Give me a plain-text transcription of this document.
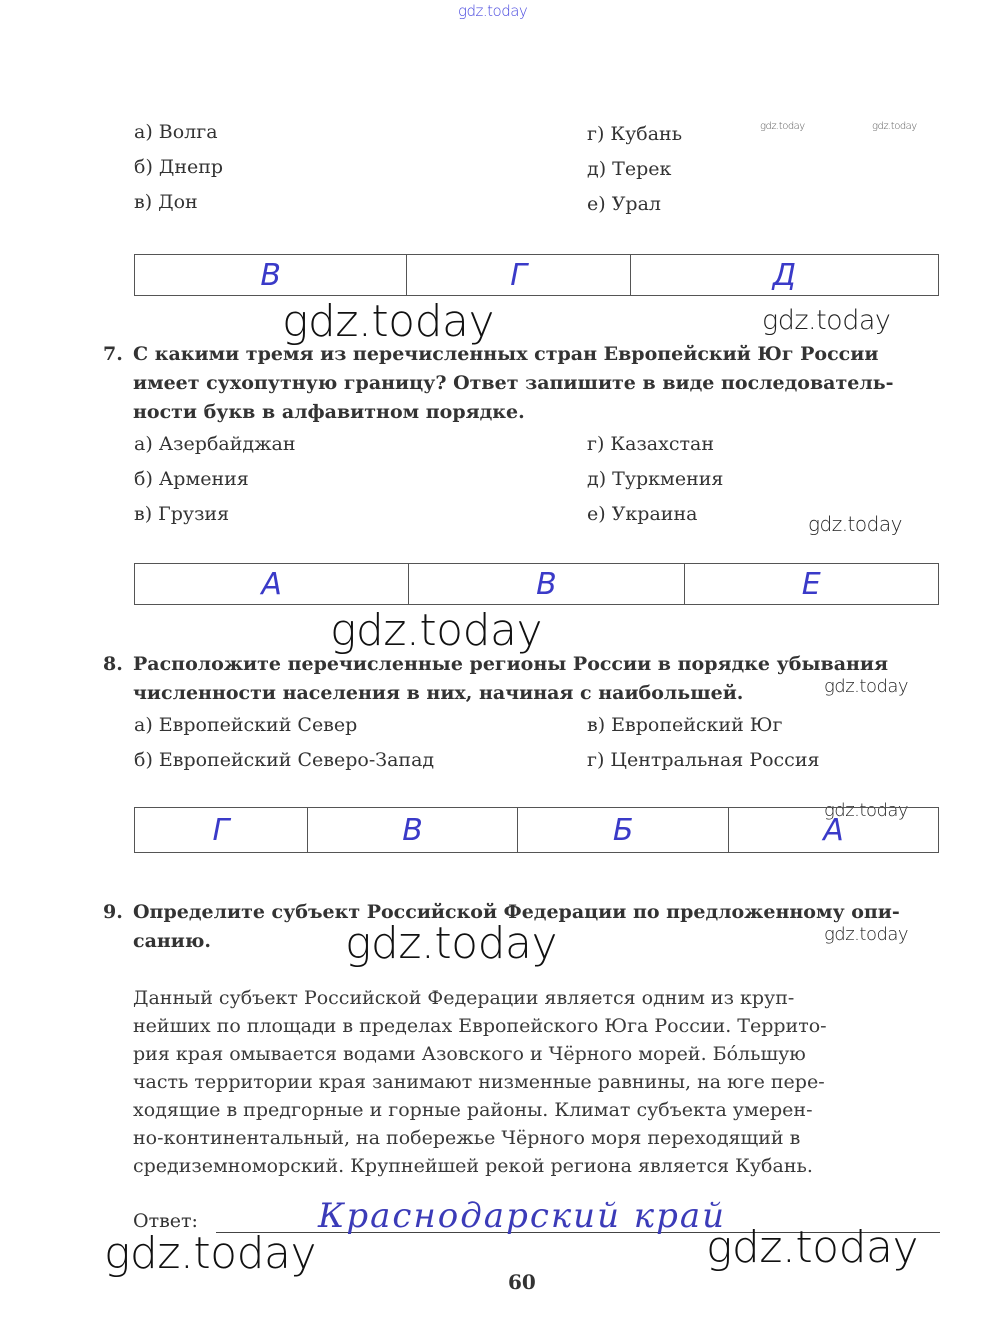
gdz.today
gdz.today	gdz.today
gdz.today	gdz.today
gdz.today
gdz.today
gdz.today
gdz.today
gdz.today	gdz.today
а) Волга
б) Днепр
в) Дон
г) Кубань
д) Терек
е) Урал
В	Г	Д
7. С какими тремя из перечисленных стран Европейский Юг России
имеет сухопутную границу? Ответ запишите в виде последователь-
ности букв в алфавитном порядке.
а) Азербайджан
б) Армения
в) Грузия
г) Казахстан
д) Туркмения
е) Украина
А	В	Е
8. Расположите перечисленные регионы России в порядке убывания
численности населения в них, начиная с наибольшей.
а) Европейский Север
б) Европейский Северо-Запад
в) Европейский Юг
г) Центральная Россия
Г	В	Б	А
9. Определите субъект Российской Федерации по предложенному опи-
санию.
Данный субъект Российской Федерации является одним из круп-
нейших по площади в пределах Европейского Юга России. Террито-
рия края омывается водами Азовского и Чёрного морей. Бóльшую
часть территории края занимают низменные равнины, на юге пере-
ходящие в предгорные и горные районы. Климат субъекта умерен-
но-континентальный, на побережье Чёрного моря переходящий в
средиземноморский. Крупнейшей рекой региона является Кубань.
Ответ:	Краснодарский край
gdz.today	gdz.today
60
